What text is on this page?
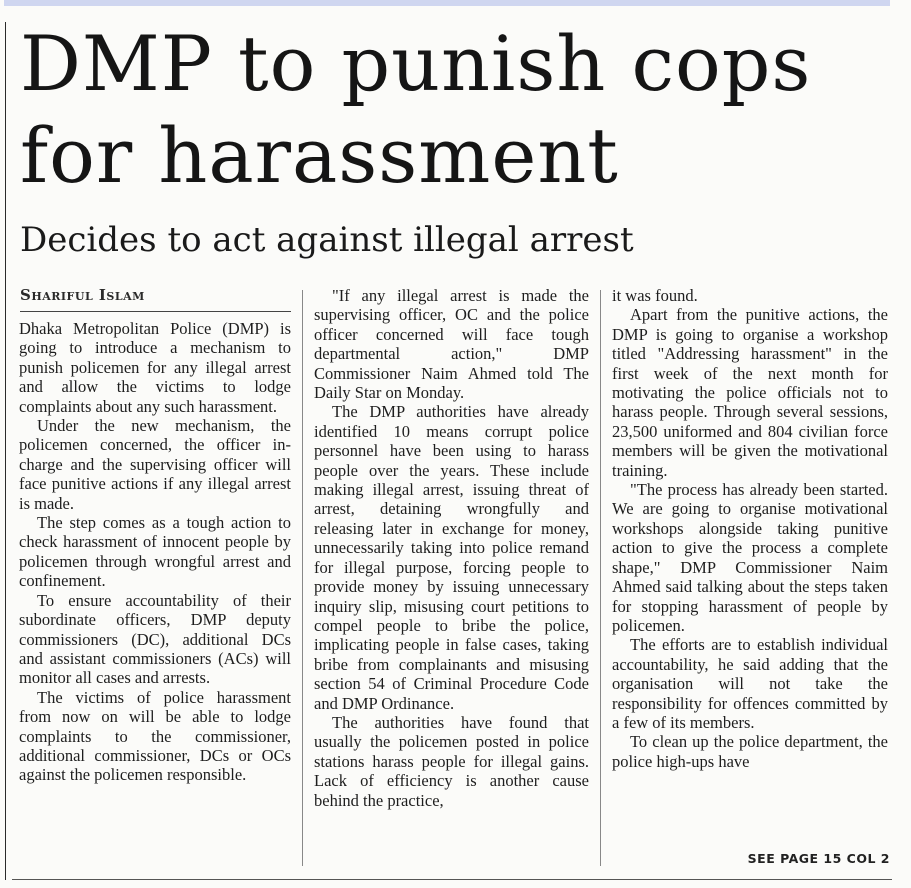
DMP to punish cops
for harassment
Decides to act against illegal arrest
Shariful Islam

Dhaka Metropolitan Police (DMP) is going to introduce a mechanism to punish policemen for any illegal arrest and allow the victims to lodge complaints about any such harassment.

Under the new mechanism, the policemen concerned, the officer in-charge and the supervising officer will face punitive actions if any illegal arrest is made.

The step comes as a tough action to check harassment of innocent people by policemen through wrongful arrest and confinement.

To ensure accountability of their subordinate officers, DMP deputy commissioners (DC), additional DCs and assistant commissioners (ACs) will monitor all cases and arrests.

The victims of police harassment from now on will be able to lodge complaints to the commissioner, additional commissioner, DCs or OCs against the policemen responsible.

"If any illegal arrest is made the supervising officer, OC and the police officer concerned will face tough departmental action," DMP Commissioner Naim Ahmed told The Daily Star on Monday.

The DMP authorities have already identified 10 means corrupt police personnel have been using to harass people over the years. These include making illegal arrest, issuing threat of arrest, detaining wrongfully and releasing later in exchange for money, unnecessarily taking into police remand for illegal purpose, forcing people to provide money by issuing unnecessary inquiry slip, misusing court petitions to compel people to bribe the police, implicating people in false cases, taking bribe from complainants and misusing section 54 of Criminal Procedure Code and DMP Ordinance.

The authorities have found that usually the policemen posted in police stations harass people for illegal gains. Lack of efficiency is another cause behind the practice,

it was found.

Apart from the punitive actions, the DMP is going to organise a workshop titled "Addressing harassment" in the first week of the next month for motivating the police officials not to harass people. Through several sessions, 23,500 uniformed and 804 civilian force members will be given the motivational training.

"The process has already been started. We are going to organise motivational workshops alongside taking punitive action to give the process a complete shape," DMP Commissioner Naim Ahmed said talking about the steps taken for stopping harassment of people by policemen.

The efforts are to establish individual accountability, he said adding that the organisation will not take the responsibility for offences committed by a few of its members.

To clean up the police department, the police high-ups have

SEE PAGE 15 COL 2
